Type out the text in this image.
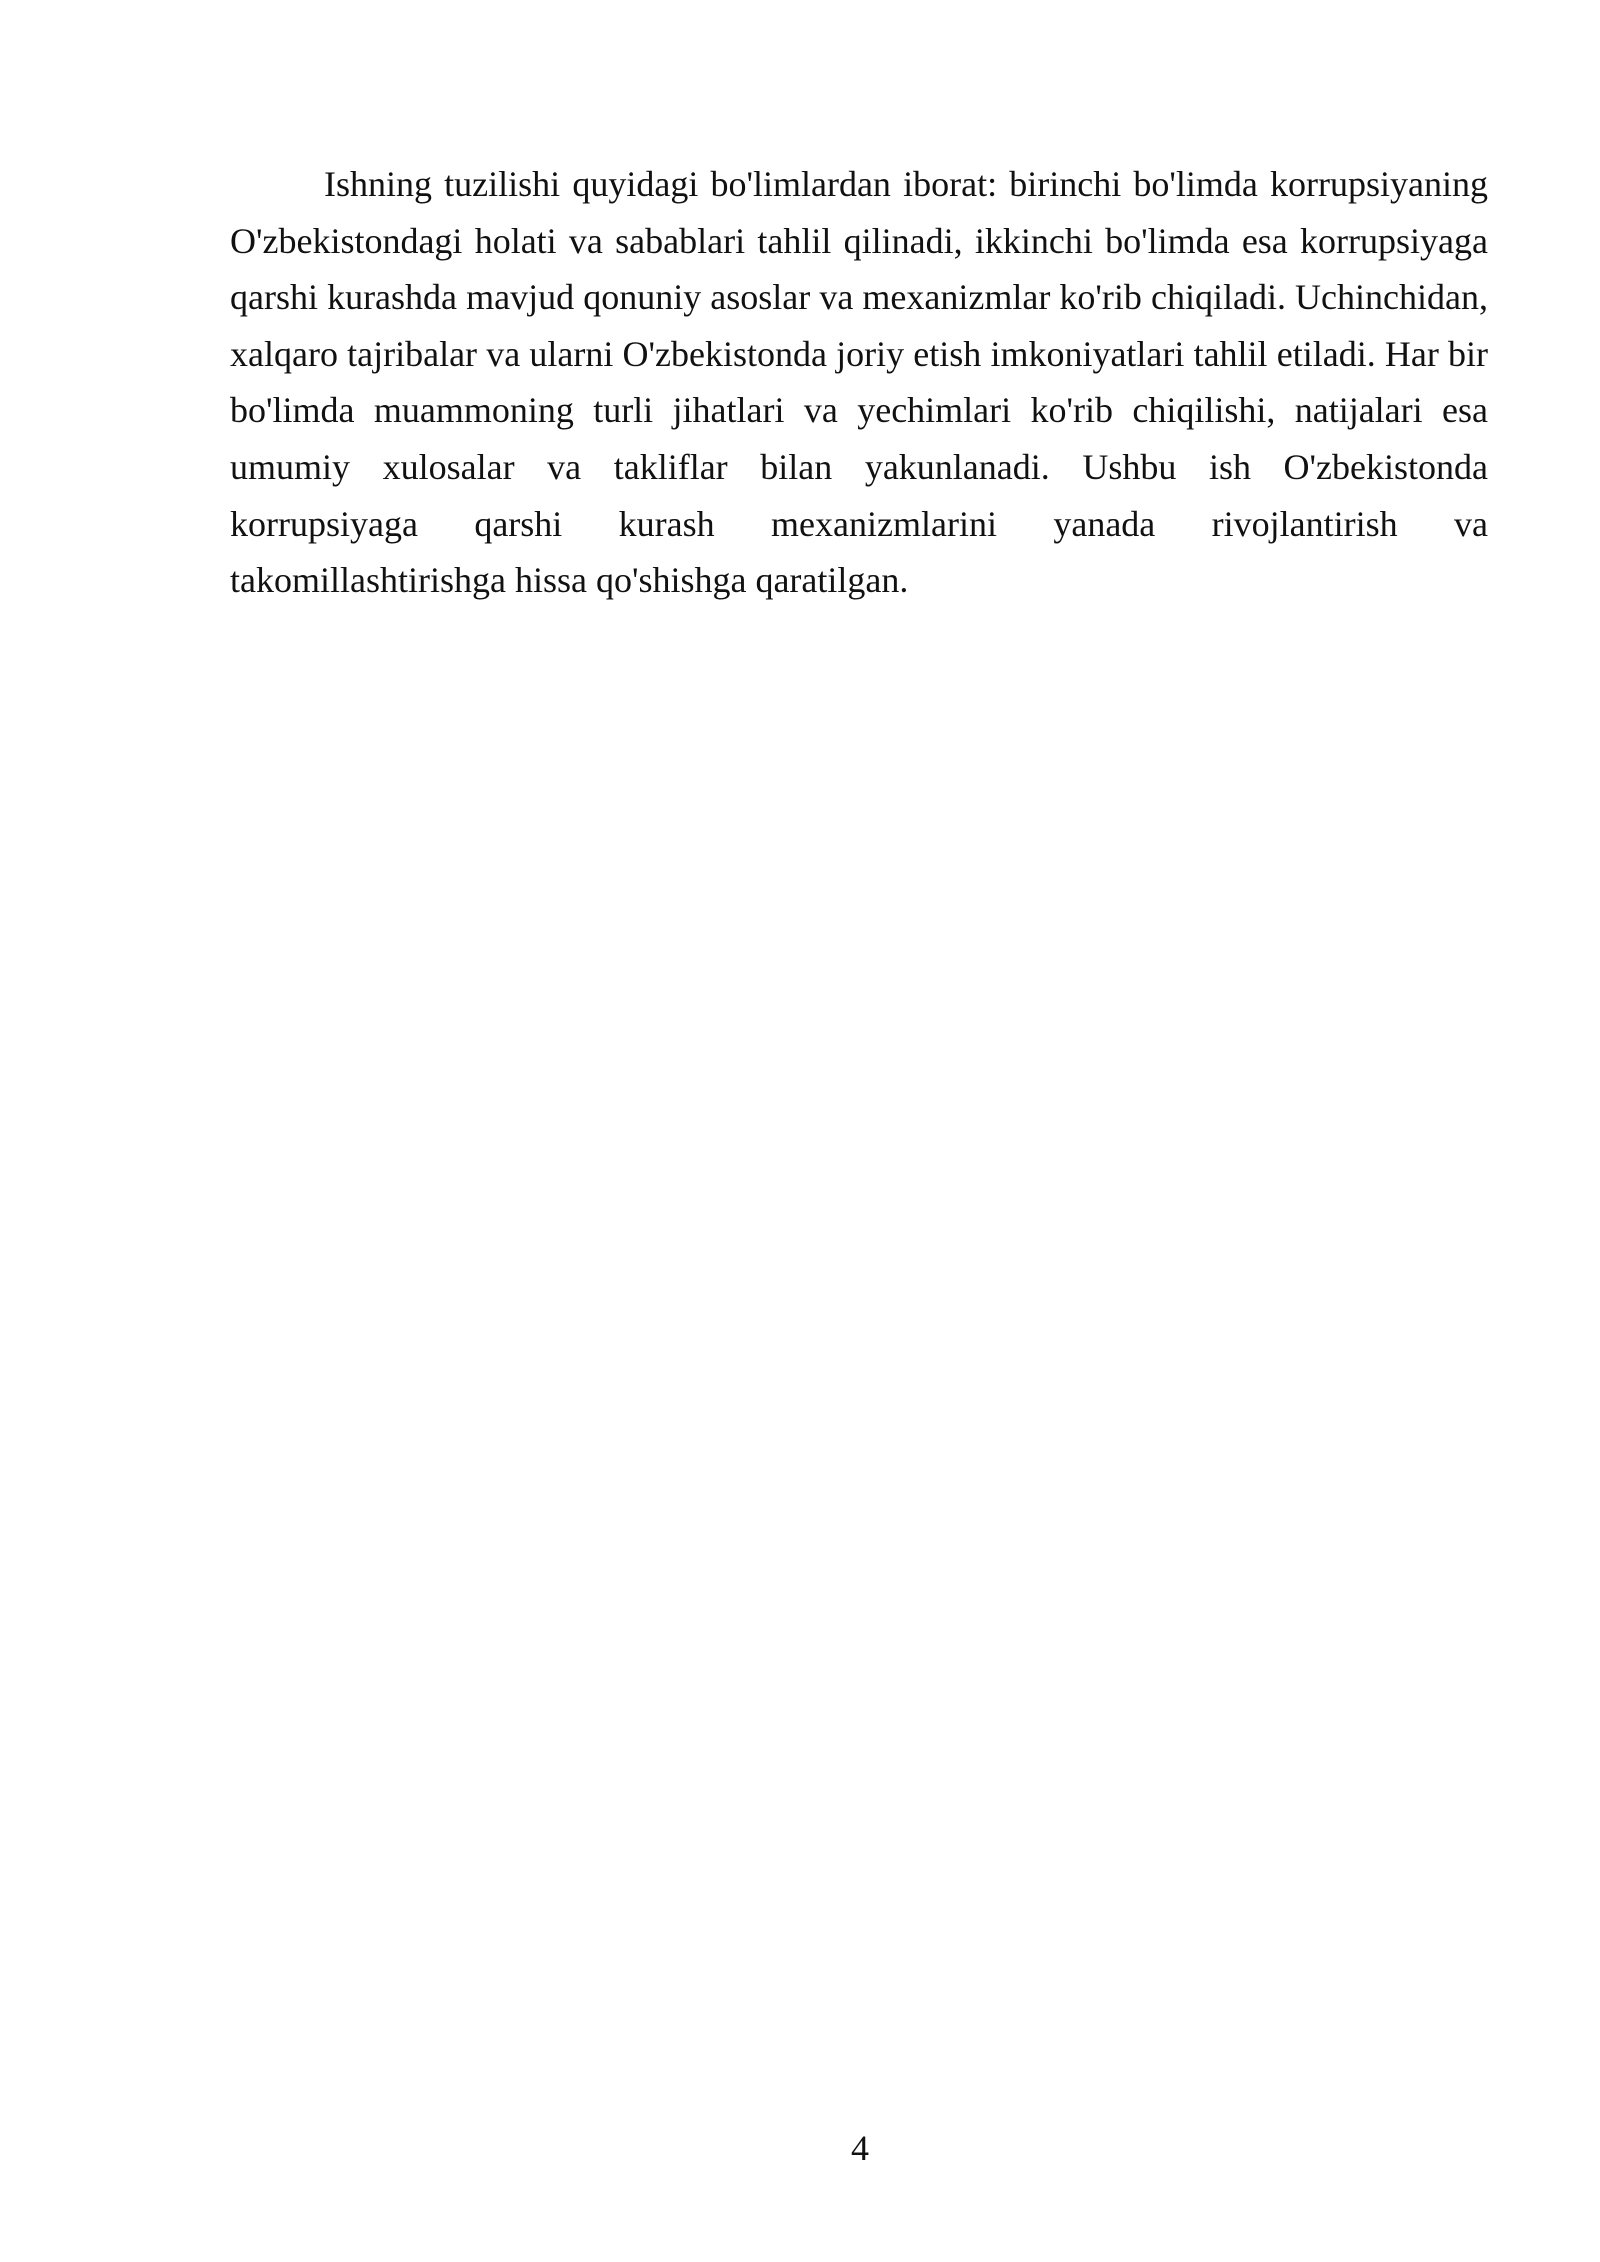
Ishning tuzilishi quyidagi bo'limlardan iborat: birinchi bo'limda korrupsiyaning O'zbekistondagi holati va sabablari tahlil qilinadi, ikkinchi bo'limda esa korrupsiyaga qarshi kurashda mavjud qonuniy asoslar va mexanizmlar ko'rib chiqiladi. Uchinchidan, xalqaro tajribalar va ularni O'zbekistonda joriy etish imkoniyatlari tahlil etiladi. Har bir bo'limda muammoning turli jihatlari va yechimlari ko'rib chiqilishi, natijalari esa umumiy xulosalar va takliflar bilan yakunlanadi. Ushbu ish O'zbekistonda korrupsiyaga qarshi kurash mexanizmlarini yanada rivojlantirish va takomillashtirishga hissa qo'shishga qaratilgan.

4
